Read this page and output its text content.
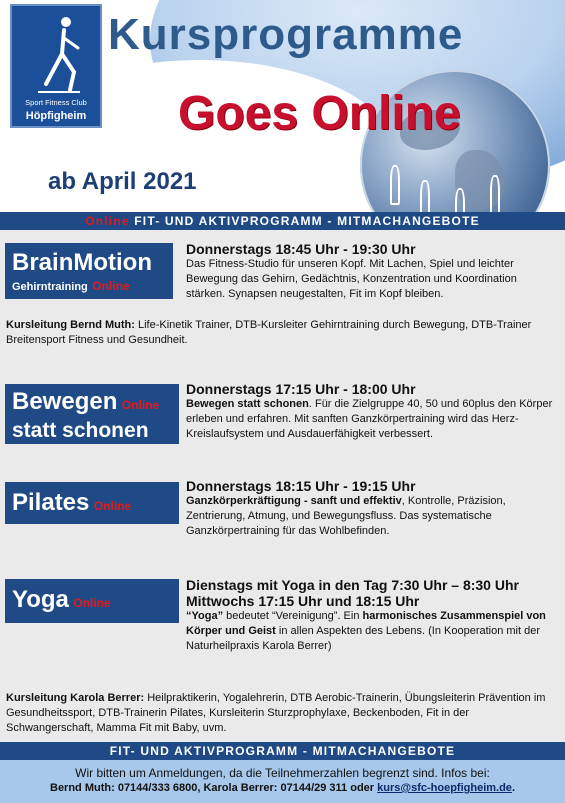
Sport Fitness Club
Höpfigheim
Kursprogramme
Goes Online
ab April 2021
Online FIT- UND AKTIVPROGRAMM - MITMACHANGEBOTE
BrainMotion
Gehirntraining Online
Donnerstags 18:45 Uhr - 19:30 Uhr
Das Fitness-Studio für unseren Kopf. Mit Lachen, Spiel und leichter Bewegung das Gehirn, Gedächtnis, Konzentration und Koordination stärken. Synapsen neugestalten, Fit im Kopf bleiben.
Kursleitung Bernd Muth: Life-Kinetik Trainer, DTB-Kursleiter Gehirntraining durch Bewegung, DTB-Trainer Breitensport Fitness und Gesundheit.
Bewegen Online
statt schonen
Donnerstags 17:15 Uhr - 18:00 Uhr
Bewegen statt schonen. Für die Zielgruppe 40, 50 und 60plus den Körper erleben und erfahren. Mit sanften Ganzkörpertraining wird das Herz-Kreislaufsystem und Ausdauerfähigkeit verbessert.
Pilates Online
Donnerstags 18:15 Uhr - 19:15 Uhr
Ganzkörperkräftigung - sanft und effektiv, Kontrolle, Präzision, Zentrierung, Atmung, und Bewegungsfluss. Das systematische Ganzkörpertraining für das Wohlbefinden.
Yoga Online
Dienstags mit Yoga in den Tag 7:30 Uhr – 8:30 Uhr
Mittwochs 17:15 Uhr und 18:15 Uhr
“Yoga” bedeutet “Vereinigung”. Ein harmonisches Zusammenspiel von Körper und Geist in allen Aspekten des Lebens. (In Kooperation mit der Naturheilpraxis Karola Berrer)
Kursleitung Karola Berrer: Heilpraktikerin, Yogalehrerin, DTB Aerobic-Trainerin, Übungsleiterin Prävention im Gesundheitssport, DTB-Trainerin Pilates, Kursleiterin Sturzprophylaxe, Beckenboden, Fit in der Schwangerschaft, Mamma Fit mit Baby, uvm.
FIT- UND AKTIVPROGRAMM - MITMACHANGEBOTE
Wir bitten um Anmeldungen, da die Teilnehmerzahlen begrenzt sind. Infos bei:
Bernd Muth: 07144/333 6800, Karola Berrer: 07144/29 311 oder kurs@sfc-hoepfigheim.de.
